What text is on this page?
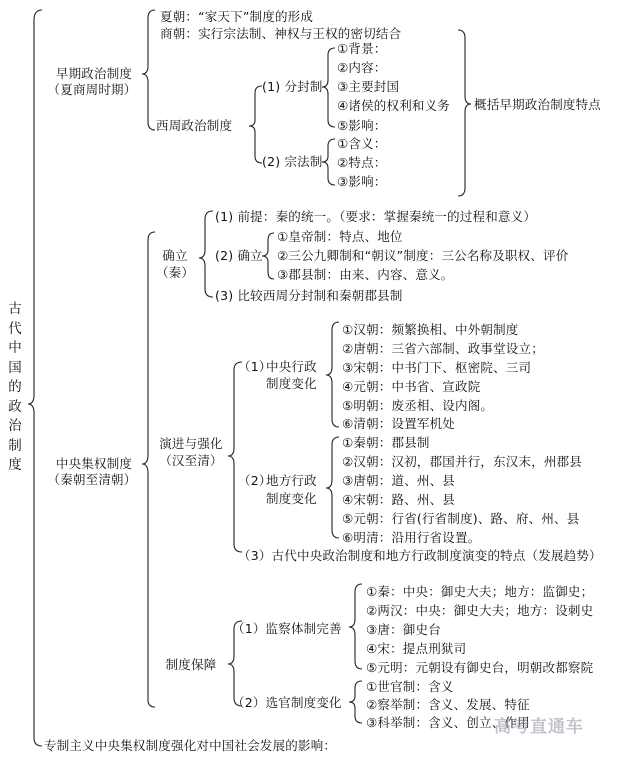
古
代
中
国
的
政
治
制
度
早期政治制度
（夏商周时期）
夏朝：“家天下”制度的形成
商朝：实行宗法制、神权与王权的密切结合
西周政治制度
(1) 分封制
①背景：
②内容：
③主要封国
④诸侯的权利和义务
⑤影响：
(2) 宗法制
①含义：
②特点：
③影响：
概括早期政治制度特点
中央集权制度
（秦朝至清朝）
确立
（秦）
(1) 前提：秦的统一。（要求：掌握秦统一的过程和意义）
(2) 确立
①皇帝制：特点、地位
②三公九卿制和“朝议”制度：三公名称及职权、评价
③郡县制：由来、内容、意义。
(3) 比较西周分封制和秦朝郡县制
演进与强化
（汉至清）
（1）
中央行政
制度变化
①汉朝：频繁换相、中外朝制度
②唐朝：三省六部制、政事堂设立；
③宋朝：中书门下、枢密院、三司
④元朝：中书省、宣政院
⑤明朝：废丞相、设内阁。
⑥清朝：设置军机处
（2）
地方行政
制度变化
①秦朝：郡县制
②汉朝：汉初，郡国并行，东汉末，州郡县
③唐朝：道、州、县
④宋朝：路、州、县
⑤元朝：行省(行省制度)、路、府、州、县
⑥明清：沿用行省设置。
（3）古代中央政治制度和地方行政制度演变的特点（发展趋势）
制度保障
（1）监察体制完善
①秦：中央：御史大夫；地方：监御史；
②两汉：中央：御史大夫；地方：设刺史
③唐：御史台
④宋：提点刑狱司
⑤元明：元朝设有御史台，明朝改都察院
（2）选官制度变化
①世官制：含义
②察举制：含义、发展、特征
③科举制：含义、创立、作用
专制主义中央集权制度强化对中国社会发展的影响：
高考直通车
